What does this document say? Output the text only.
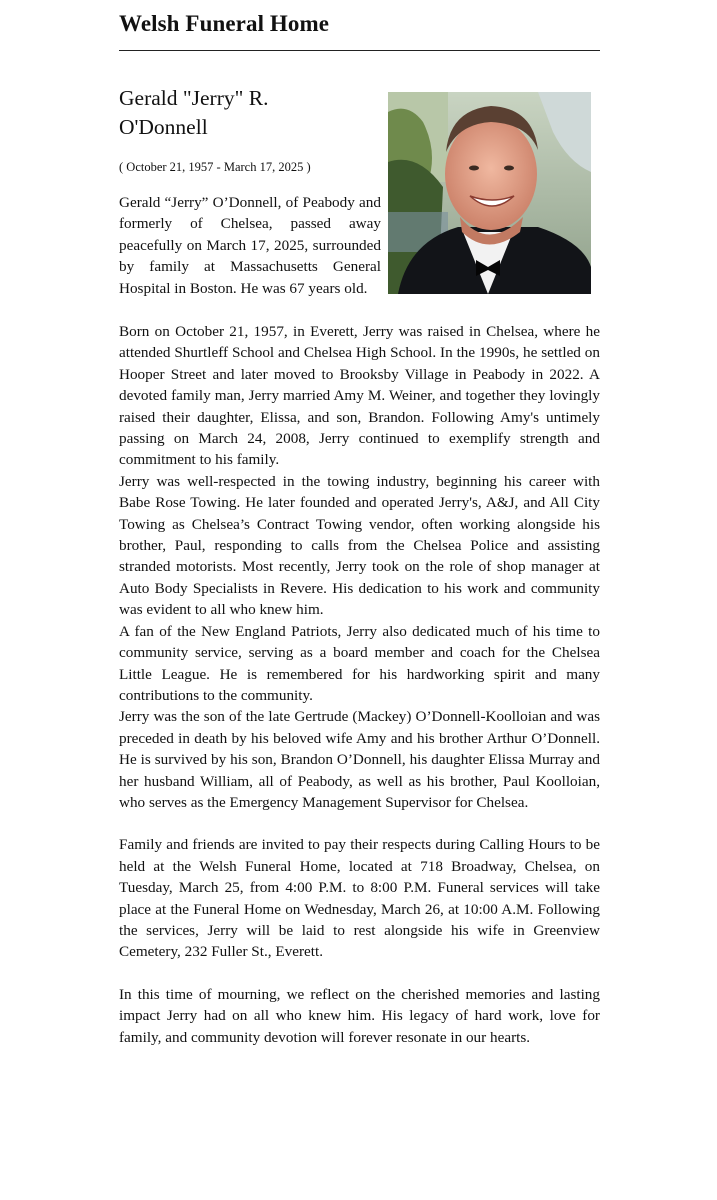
Welsh Funeral Home
Gerald "Jerry" R. O'Donnell
( October 21, 1957 - March 17, 2025 )

Gerald “Jerry” O’Donnell, of Peabody and formerly of Chelsea, passed away peacefully on March 17, 2025, surrounded by family at Massachusetts General Hospital in Boston. He was 67 years old.

Born on October 21, 1957, in Everett, Jerry was raised in Chelsea, where he attended Shurtleff School and Chelsea High School. In the 1990s, he settled on Hooper Street and later moved to Brooksby Village in Peabody in 2022. A devoted family man, Jerry married Amy M. Weiner, and together they lovingly raised their daughter, Elissa, and son, Brandon. Following Amy's untimely passing on March 24, 2008, Jerry continued to exemplify strength and commitment to his family.

Jerry was well-respected in the towing industry, beginning his career with Babe Rose Towing. He later founded and operated Jerry's, A&J, and All City Towing as Chelsea’s Contract Towing vendor, often working alongside his brother, Paul, responding to calls from the Chelsea Police and assisting stranded motorists. Most recently, Jerry took on the role of shop manager at Auto Body Specialists in Revere. His dedication to his work and community was evident to all who knew him.

A fan of the New England Patriots, Jerry also dedicated much of his time to community service, serving as a board member and coach for the Chelsea Little League. He is remembered for his hardworking spirit and many contributions to the community.

Jerry was the son of the late Gertrude (Mackey) O’Donnell-Koolloian and was preceded in death by his beloved wife Amy and his brother Arthur O’Donnell. He is survived by his son, Brandon O’Donnell, his daughter Elissa Murray and her husband William, all of Peabody, as well as his brother, Paul Koolloian, who serves as the Emergency Management Supervisor for Chelsea.

Family and friends are invited to pay their respects during Calling Hours to be held at the Welsh Funeral Home, located at 718 Broadway, Chelsea, on Tuesday, March 25, from 4:00 P.M. to 8:00 P.M. Funeral services will take place at the Funeral Home on Wednesday, March 26, at 10:00 A.M. Following the services, Jerry will be laid to rest alongside his wife in Greenview Cemetery, 232 Fuller St., Everett.

In this time of mourning, we reflect on the cherished memories and lasting impact Jerry had on all who knew him. His legacy of hard work, love for family, and community devotion will forever resonate in our hearts.
